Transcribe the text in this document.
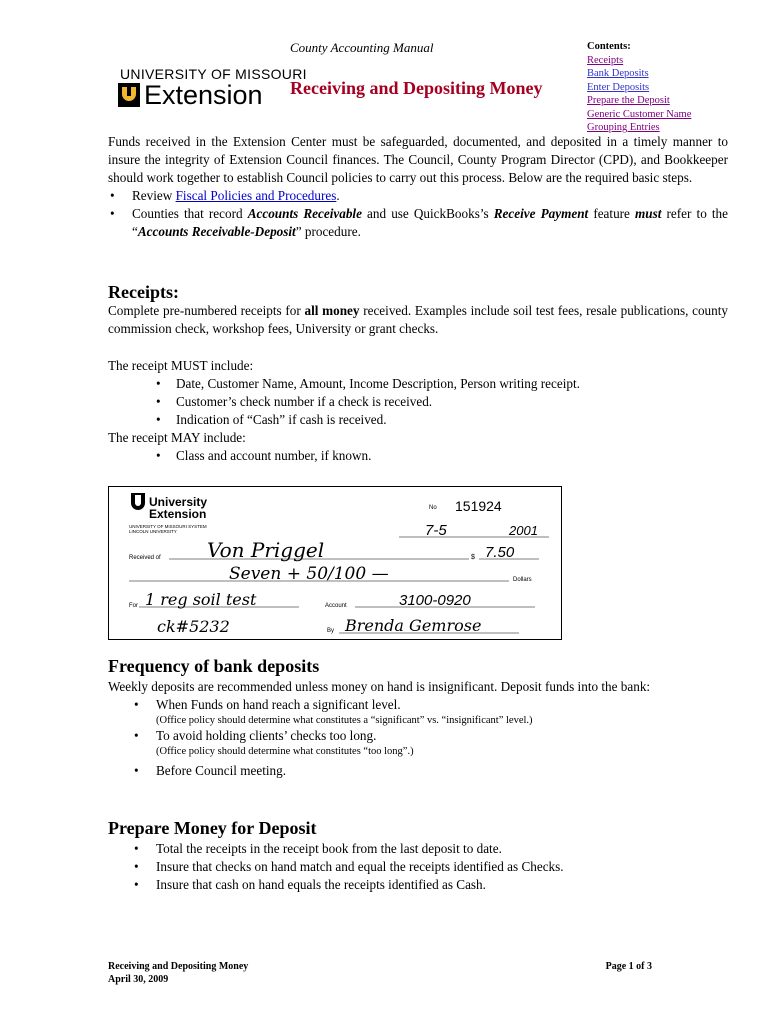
County Accounting Manual
UNIVERSITY OF MISSOURI
Extension Receiving and Depositing Money
Contents:
Receipts
Bank Deposits
Enter Deposits
Prepare the Deposit
Generic Customer Name
Grouping Entries
Funds received in the Extension Center must be safeguarded, documented, and deposited in a timely manner to insure the integrity of Extension Council finances. The Council, County Program Director (CPD), and Bookkeeper should work together to establish Council policies to carry out this process. Below are the required basic steps.
• Review Fiscal Policies and Procedures.
• Counties that record Accounts Receivable and use QuickBooks’s Receive Payment feature must refer to the “Accounts Receivable-Deposit” procedure.
Receipts:
Complete pre-numbered receipts for all money received. Examples include soil test fees, resale publications, county commission check, workshop fees, University or grant checks.
The receipt MUST include:
• Date, Customer Name, Amount, Income Description, Person writing receipt.
• Customer’s check number if a check is received.
• Indication of “Cash” if cash is received.
The receipt MAY include:
• Class and account number, if known.
University
Extension
UNIVERSITY OF MISSOURI SYSTEM
LINCOLN UNIVERSITY
No 151924
7-5	2001
Received of Von Priggel	$ 7.50
Seven + 50/100 —	Dollars
For 1 reg soil test	Account	3100-0920
ck#5232	By Brenda Gemrose
Frequency of bank deposits
Weekly deposits are recommended unless money on hand is insignificant. Deposit funds into the bank:
• When Funds on hand reach a significant level.
(Office policy should determine what constitutes a “significant” vs. “insignificant” level.)
• To avoid holding clients’ checks too long.
(Office policy should determine what constitutes “too long”.)
• Before Council meeting.
Prepare Money for Deposit
• Total the receipts in the receipt book from the last deposit to date.
• Insure that checks on hand match and equal the receipts identified as Checks.
• Insure that cash on hand equals the receipts identified as Cash.
Receiving and Depositing Money
April 30, 2009
Page 1 of 3
